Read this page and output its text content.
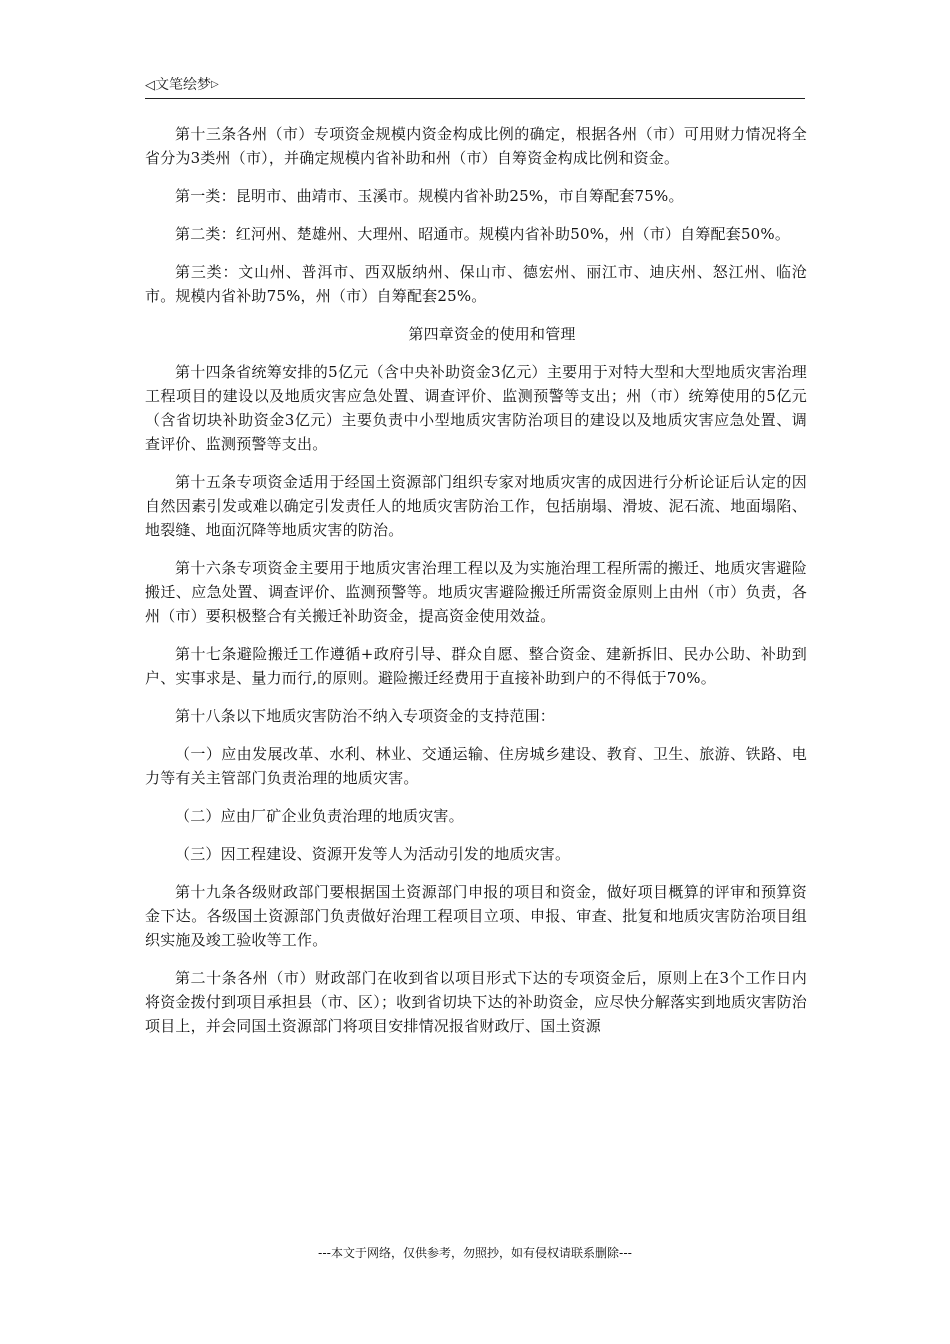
◁文笔绘梦▷

第十三条各州（市）专项资金规模内资金构成比例的确定，根据各州（市）可用财力情况将全省分为3类州（市），并确定规模内省补助和州（市）自筹资金构成比例和资金。

第一类：昆明市、曲靖市、玉溪市。规模内省补助25%，市自筹配套75%。

第二类：红河州、楚雄州、大理州、昭通市。规模内省补助50%，州（市）自筹配套50%。

第三类：文山州、普洱市、西双版纳州、保山市、德宏州、丽江市、迪庆州、怒江州、临沧市。规模内省补助75%，州（市）自筹配套25%。

第四章资金的使用和管理

第十四条省统筹安排的5亿元（含中央补助资金3亿元）主要用于对特大型和大型地质灾害治理工程项目的建设以及地质灾害应急处置、调查评价、监测预警等支出；州（市）统筹使用的5亿元（含省切块补助资金3亿元）主要负责中小型地质灾害防治项目的建设以及地质灾害应急处置、调查评价、监测预警等支出。

第十五条专项资金适用于经国土资源部门组织专家对地质灾害的成因进行分析论证后认定的因自然因素引发或难以确定引发责任人的地质灾害防治工作，包括崩塌、滑坡、泥石流、地面塌陷、地裂缝、地面沉降等地质灾害的防治。

第十六条专项资金主要用于地质灾害治理工程以及为实施治理工程所需的搬迁、地质灾害避险搬迁、应急处置、调查评价、监测预警等。地质灾害避险搬迁所需资金原则上由州（市）负责，各州（市）要积极整合有关搬迁补助资金，提高资金使用效益。

第十七条避险搬迁工作遵循+政府引导、群众自愿、整合资金、建新拆旧、民办公助、补助到户、实事求是、量力而行,的原则。避险搬迁经费用于直接补助到户的不得低于70%。

第十八条以下地质灾害防治不纳入专项资金的支持范围：

（一）应由发展改革、水利、林业、交通运输、住房城乡建设、教育、卫生、旅游、铁路、电力等有关主管部门负责治理的地质灾害。

（二）应由厂矿企业负责治理的地质灾害。

（三）因工程建设、资源开发等人为活动引发的地质灾害。

第十九条各级财政部门要根据国土资源部门申报的项目和资金，做好项目概算的评审和预算资金下达。各级国土资源部门负责做好治理工程项目立项、申报、审查、批复和地质灾害防治项目组织实施及竣工验收等工作。

第二十条各州（市）财政部门在收到省以项目形式下达的专项资金后，原则上在3个工作日内将资金拨付到项目承担县（市、区）；收到省切块下达的补助资金，应尽快分解落实到地质灾害防治项目上，并会同国土资源部门将项目安排情况报省财政厅、国土资源

---本文于网络，仅供参考，勿照抄，如有侵权请联系删除---
